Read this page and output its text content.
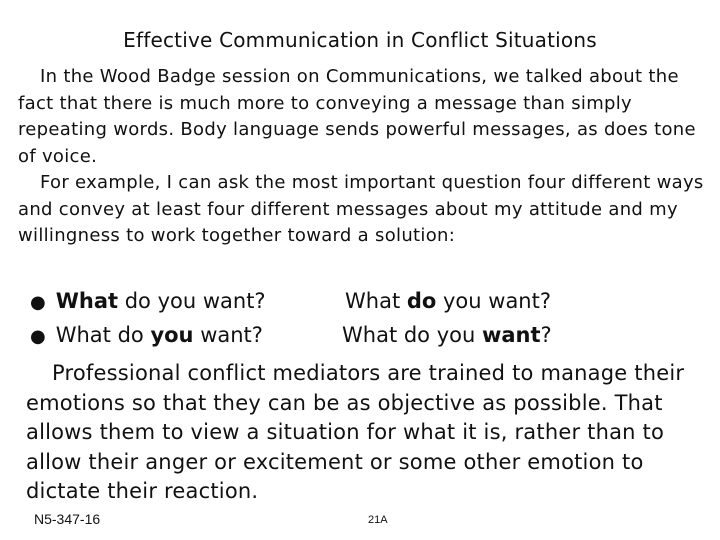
Effective Communication in Conflict Situations

In the Wood Badge session on Communications, we talked about the fact that there is much more to conveying a message than simply repeating words. Body language sends powerful messages, as does tone of voice.

For example, I can ask the most important question four different ways and convey at least four different messages about my attitude and my willingness to work together toward a solution:

● What do you want?	What do you want?
● What do you want?	What do you want?

Professional conflict mediators are trained to manage their emotions so that they can be as objective as possible. That allows them to view a situation for what it is, rather than to allow their anger or excitement or some other emotion to dictate their reaction.

N5-347-16	21A
